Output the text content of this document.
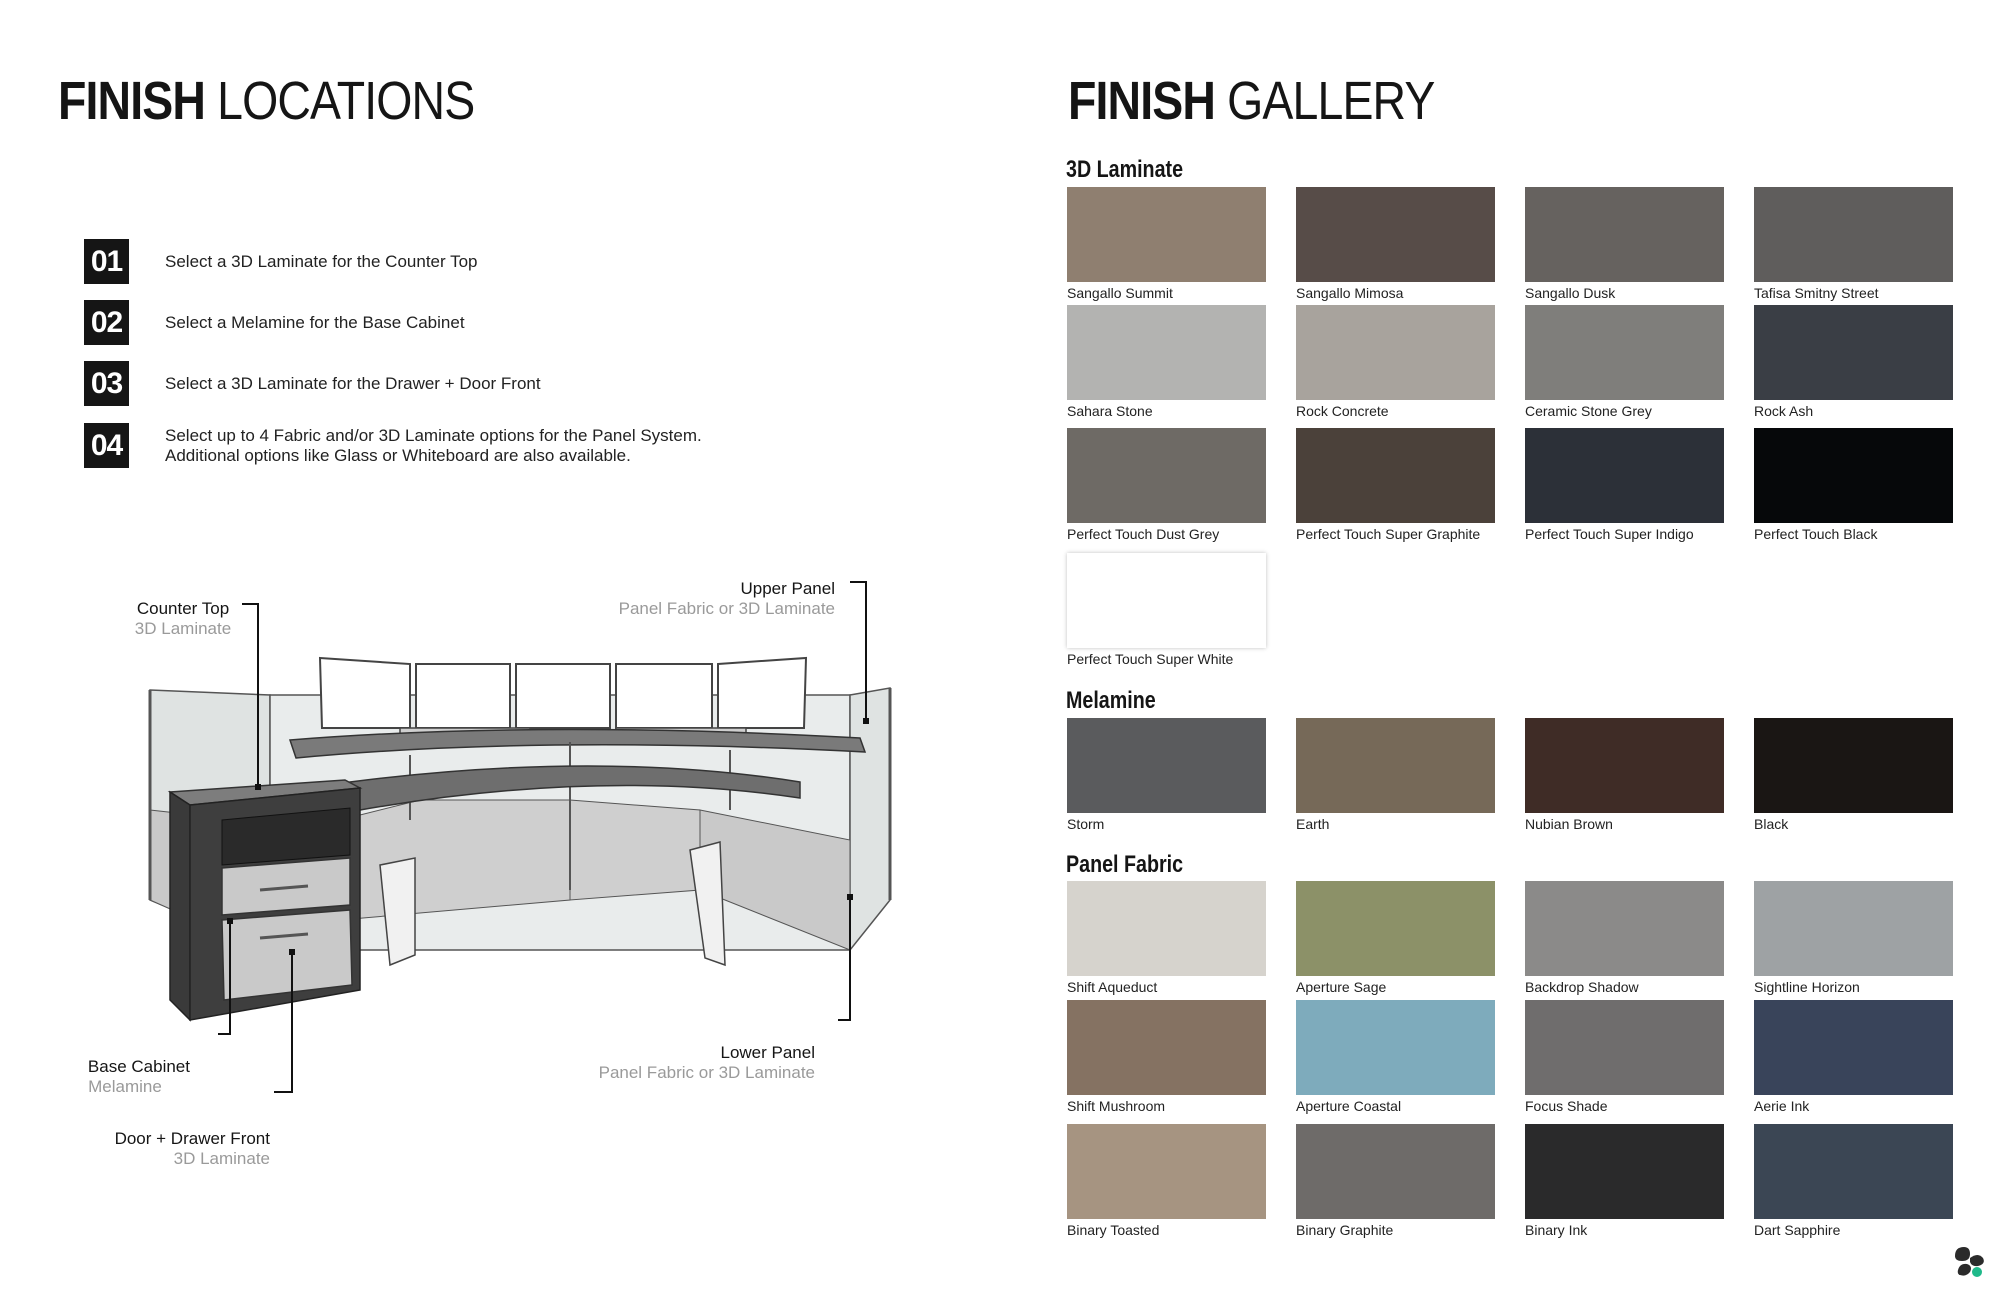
FINISH LOCATIONS
01	Select a 3D Laminate for the Counter Top
02	Select a Melamine for the Base Cabinet
03	Select a 3D Laminate for the Drawer + Door Front
04	Select up to 4 Fabric and/or 3D Laminate options for the Panel System.
Additional options like Glass or Whiteboard are also available.
Counter Top
3D Laminate
Upper Panel
Panel Fabric or 3D Laminate
Base Cabinet
Melamine
Lower Panel
Panel Fabric or 3D Laminate
Door + Drawer Front
3D Laminate
FINISH GALLERY
3D Laminate
Melamine
Panel Fabric
Sangallo Summit	Sangallo Mimosa	Sangallo Dusk	Tafisa Smitny Street
Sahara Stone	Rock Concrete	Ceramic Stone Grey	Rock Ash
Perfect Touch Dust Grey	Perfect Touch Super Graphite	Perfect Touch Super Indigo	Perfect Touch Black
Perfect Touch Super White
Storm	Earth	Nubian Brown	Black
Shift Aqueduct	Aperture Sage	Backdrop Shadow	Sightline Horizon
Shift Mushroom	Aperture Coastal	Focus Shade	Aerie Ink
Binary Toasted	Binary Graphite	Binary Ink	Dart Sapphire
